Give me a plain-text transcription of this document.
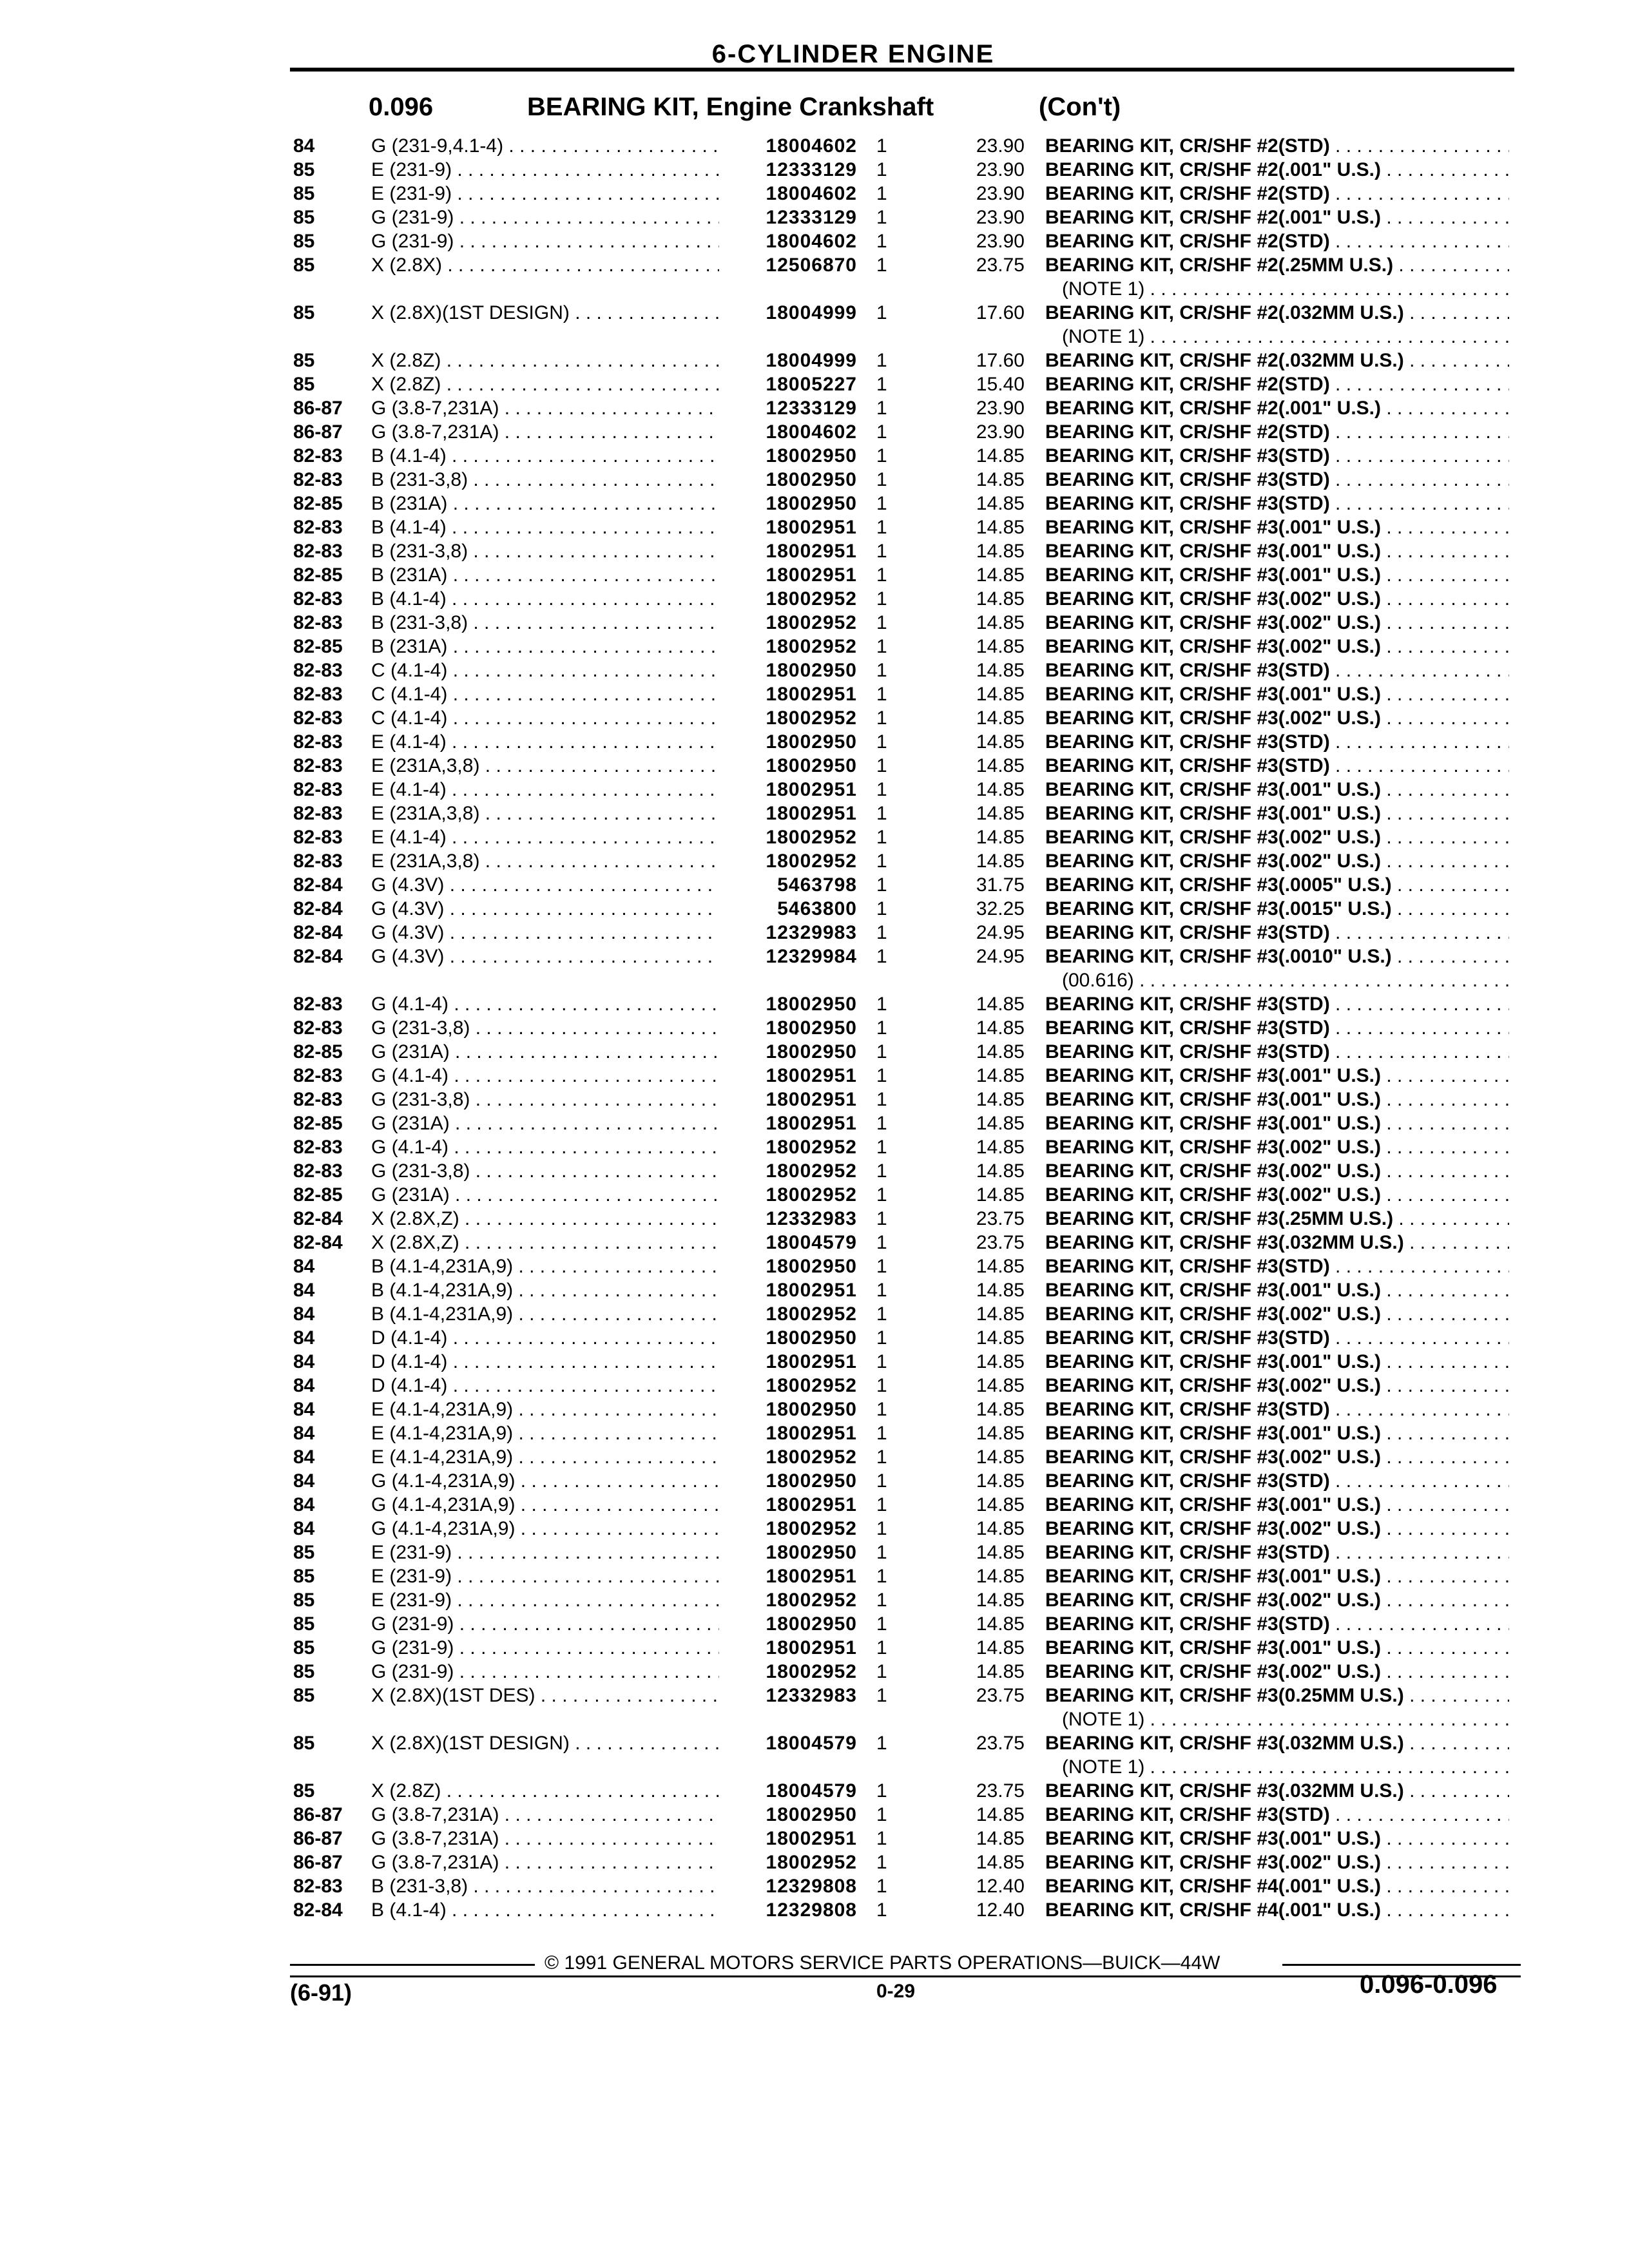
6-CYLINDER ENGINE
0.096	BEARING KIT, Engine Crankshaft	(Con't)
84	G (231-9,4.1-4) . . .	18004602 1	23.90 BEARING KIT, CR/SHF #2(STD) . . .
85	E (231-9) . . .	12333129 1	23.90 BEARING KIT, CR/SHF #2(.001" U.S.) . . .
85	E (231-9) . . .	18004602 1	23.90 BEARING KIT, CR/SHF #2(STD) . . .
85	G (231-9) . . .	12333129 1	23.90 BEARING KIT, CR/SHF #2(.001" U.S.) . . .
85	G (231-9) . . .	18004602 1	23.90 BEARING KIT, CR/SHF #2(STD) . . .
85	X (2.8X) . . .	12506870 1	23.75 BEARING KIT, CR/SHF #2(.25MM U.S.) . . .
(NOTE 1) . . .
85	X (2.8X)(1ST DESIGN) . . .	18004999 1	17.60 BEARING KIT, CR/SHF #2(.032MM U.S.) . . .
(NOTE 1) . . .
85	X (2.8Z) . . .	18004999 1	17.60 BEARING KIT, CR/SHF #2(.032MM U.S.) . . .
85	X (2.8Z) . . .	18005227 1	15.40 BEARING KIT, CR/SHF #2(STD) . . .
86-87 G (3.8-7,231A) . . .	12333129 1	23.90 BEARING KIT, CR/SHF #2(.001" U.S.) . . .
86-87 G (3.8-7,231A) . . .	18004602 1	23.90 BEARING KIT, CR/SHF #2(STD) . . .
82-83 B (4.1-4) . . .	18002950 1	14.85 BEARING KIT, CR/SHF #3(STD) . . .
82-83 B (231-3,8) . . .	18002950 1	14.85 BEARING KIT, CR/SHF #3(STD) . . .
82-85 B (231A) . . .	18002950 1	14.85 BEARING KIT, CR/SHF #3(STD) . . .
82-83 B (4.1-4) . . .	18002951 1	14.85 BEARING KIT, CR/SHF #3(.001" U.S.) . . .
82-83 B (231-3,8) . . .	18002951 1	14.85 BEARING KIT, CR/SHF #3(.001" U.S.) . . .
82-85 B (231A) . . .	18002951 1	14.85 BEARING KIT, CR/SHF #3(.001" U.S.) . . .
82-83 B (4.1-4) . . .	18002952 1	14.85 BEARING KIT, CR/SHF #3(.002" U.S.) . . .
82-83 B (231-3,8) . . .	18002952 1	14.85 BEARING KIT, CR/SHF #3(.002" U.S.) . . .
82-85 B (231A) . . .	18002952 1	14.85 BEARING KIT, CR/SHF #3(.002" U.S.) . . .
82-83 C (4.1-4) . . .	18002950 1	14.85 BEARING KIT, CR/SHF #3(STD) . . .
82-83 C (4.1-4) . . .	18002951 1	14.85 BEARING KIT, CR/SHF #3(.001" U.S.) . . .
82-83 C (4.1-4) . . .	18002952 1	14.85 BEARING KIT, CR/SHF #3(.002" U.S.) . . .
82-83 E (4.1-4) . . .	18002950 1	14.85 BEARING KIT, CR/SHF #3(STD) . . .
82-83 E (231A,3,8) . . .	18002950 1	14.85 BEARING KIT, CR/SHF #3(STD) . . .
82-83 E (4.1-4) . . .	18002951 1	14.85 BEARING KIT, CR/SHF #3(.001" U.S.) . . .
82-83 E (231A,3,8) . . .	18002951 1	14.85 BEARING KIT, CR/SHF #3(.001" U.S.) . . .
82-83 E (4.1-4) . . .	18002952 1	14.85 BEARING KIT, CR/SHF #3(.002" U.S.) . . .
82-83 E (231A,3,8) . . .	18002952 1	14.85 BEARING KIT, CR/SHF #3(.002" U.S.) . . .
82-84 G (4.3V) . . .	5463798 1	31.75 BEARING KIT, CR/SHF #3(.0005" U.S.) . . .
82-84 G (4.3V) . . .	5463800 1	32.25 BEARING KIT, CR/SHF #3(.0015" U.S.) . . .
82-84 G (4.3V) . . .	12329983 1	24.95 BEARING KIT, CR/SHF #3(STD) . . .
82-84 G (4.3V) . . .	12329984 1	24.95 BEARING KIT, CR/SHF #3(.0010" U.S.) . . .
(00.616) . . .
82-83 G (4.1-4) . . .	18002950 1	14.85 BEARING KIT, CR/SHF #3(STD) . . .
82-83 G (231-3,8) . . .	18002950 1	14.85 BEARING KIT, CR/SHF #3(STD) . . .
82-85 G (231A) . . .	18002950 1	14.85 BEARING KIT, CR/SHF #3(STD) . . .
82-83 G (4.1-4) . . .	18002951 1	14.85 BEARING KIT, CR/SHF #3(.001" U.S.) . . .
82-83 G (231-3,8) . . .	18002951 1	14.85 BEARING KIT, CR/SHF #3(.001" U.S.) . . .
82-85 G (231A) . . .	18002951 1	14.85 BEARING KIT, CR/SHF #3(.001" U.S.) . . .
82-83 G (4.1-4) . . .	18002952 1	14.85 BEARING KIT, CR/SHF #3(.002" U.S.) . . .
82-83 G (231-3,8) . . .	18002952 1	14.85 BEARING KIT, CR/SHF #3(.002" U.S.) . . .
82-85 G (231A) . . .	18002952 1	14.85 BEARING KIT, CR/SHF #3(.002" U.S.) . . .
82-84 X (2.8X,Z) . . .	12332983 1	23.75 BEARING KIT, CR/SHF #3(.25MM U.S.) . . .
82-84 X (2.8X,Z) . . .	18004579 1	23.75 BEARING KIT, CR/SHF #3(.032MM U.S.) . . .
84	B (4.1-4,231A,9) . . .	18002950 1	14.85 BEARING KIT, CR/SHF #3(STD) . . .
84	B (4.1-4,231A,9) . . .	18002951 1	14.85 BEARING KIT, CR/SHF #3(.001" U.S.) . . .
84	B (4.1-4,231A,9) . . .	18002952 1	14.85 BEARING KIT, CR/SHF #3(.002" U.S.) . . .
84	D (4.1-4) . . .	18002950 1	14.85 BEARING KIT, CR/SHF #3(STD) . . .
84	D (4.1-4) . . .	18002951 1	14.85 BEARING KIT, CR/SHF #3(.001" U.S.) . . .
84	D (4.1-4) . . .	18002952 1	14.85 BEARING KIT, CR/SHF #3(.002" U.S.) . . .
84	E (4.1-4,231A,9) . . .	18002950 1	14.85 BEARING KIT, CR/SHF #3(STD) . . .
84	E (4.1-4,231A,9) . . .	18002951 1	14.85 BEARING KIT, CR/SHF #3(.001" U.S.) . . .
84	E (4.1-4,231A,9) . . .	18002952 1	14.85 BEARING KIT, CR/SHF #3(.002" U.S.) . . .
84	G (4.1-4,231A,9) . . .	18002950 1	14.85 BEARING KIT, CR/SHF #3(STD) . . .
84	G (4.1-4,231A,9) . . .	18002951 1	14.85 BEARING KIT, CR/SHF #3(.001" U.S.) . . .
84	G (4.1-4,231A,9) . . .	18002952 1	14.85 BEARING KIT, CR/SHF #3(.002" U.S.) . . .
85	E (231-9) . . .	18002950 1	14.85 BEARING KIT, CR/SHF #3(STD) . . .
85	E (231-9) . . .	18002951 1	14.85 BEARING KIT, CR/SHF #3(.001" U.S.) . . .
85	E (231-9) . . .	18002952 1	14.85 BEARING KIT, CR/SHF #3(.002" U.S.) . . .
85	G (231-9) . . .	18002950 1	14.85 BEARING KIT, CR/SHF #3(STD) . . .
85	G (231-9) . . .	18002951 1	14.85 BEARING KIT, CR/SHF #3(.001" U.S.) . . .
85	G (231-9) . . .	18002952 1	14.85 BEARING KIT, CR/SHF #3(.002" U.S.) . . .
85	X (2.8X)(1ST DES) . . .	12332983 1	23.75 BEARING KIT, CR/SHF #3(0.25MM U.S.) . . .
(NOTE 1) . . .
85	X (2.8X)(1ST DESIGN) . . .	18004579 1	23.75 BEARING KIT, CR/SHF #3(.032MM U.S.) . . .
(NOTE 1) . . .
85	X (2.8Z) . . .	18004579 1	23.75 BEARING KIT, CR/SHF #3(.032MM U.S.) . . .
86-87 G (3.8-7,231A) . . .	18002950 1	14.85 BEARING KIT, CR/SHF #3(STD) . . .
86-87 G (3.8-7,231A) . . .	18002951 1	14.85 BEARING KIT, CR/SHF #3(.001" U.S.) . . .
86-87 G (3.8-7,231A) . . .	18002952 1	14.85 BEARING KIT, CR/SHF #3(.002" U.S.) . . .
82-83 B (231-3,8) . . .	12329808 1	12.40 BEARING KIT, CR/SHF #4(.001" U.S.) . . .
82-84 B (4.1-4) . . .	12329808 1	12.40 BEARING KIT, CR/SHF #4(.001" U.S.) . . .
© 1991 GENERAL MOTORS SERVICE PARTS OPERATIONS—BUICK—44W
(6-91)	0-29	0.096-0.096
